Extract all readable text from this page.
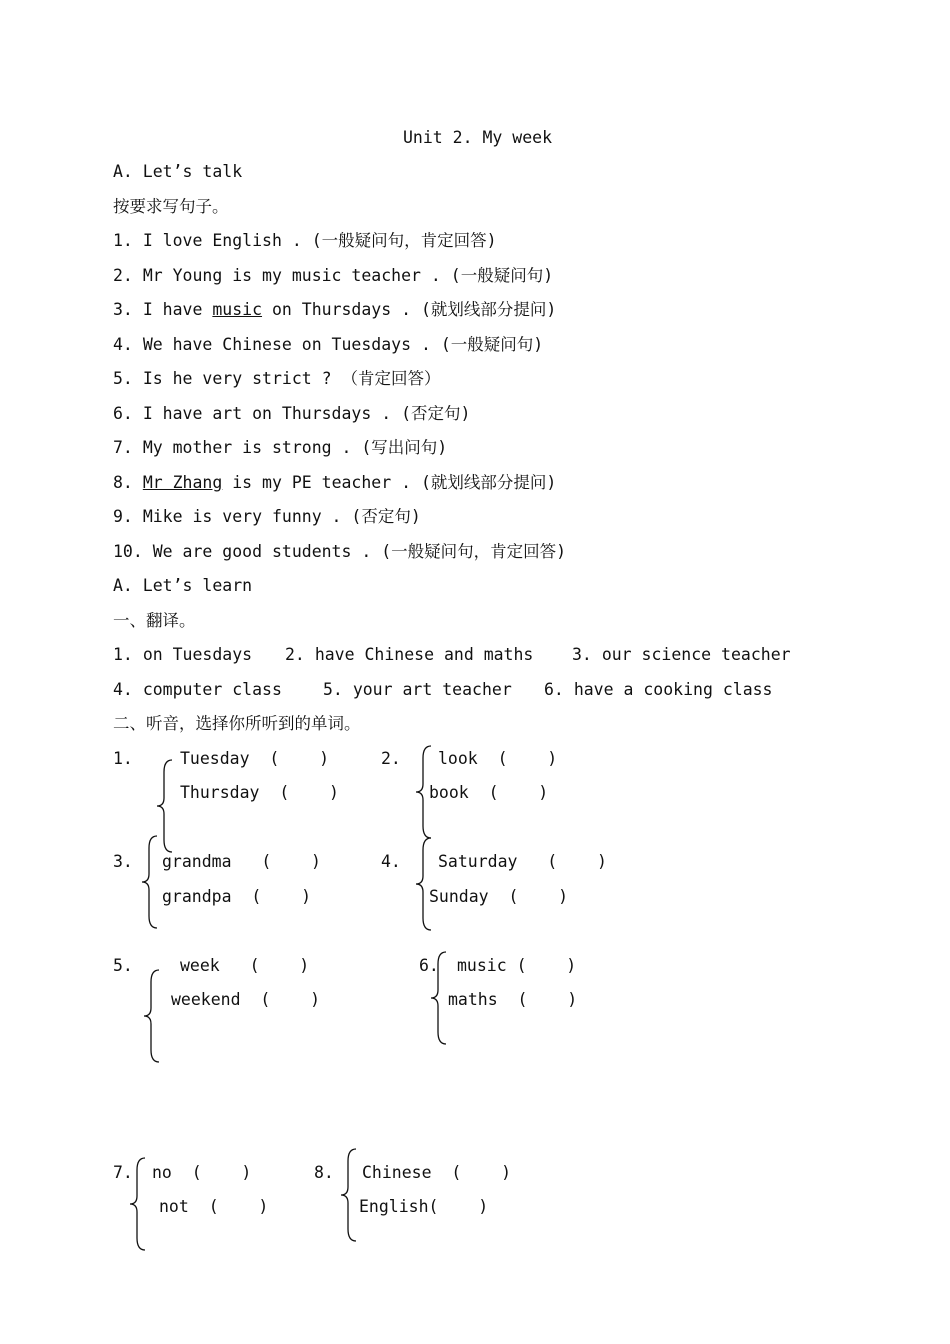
Unit 2. My week
A. Let’s talk
按要求写句子。
1. I love English . (一般疑问句，肯定回答)
2. Mr Young is my music teacher . (一般疑问句)
3. I have music on Thursdays . (就划线部分提问)
4. We have Chinese on Tuesdays . (一般疑问句)
5. Is he very strict ? （肯定回答）
6. I have art on Thursdays . (否定句)
7. My mother is strong . (写出问句)
8. Mr Zhang is my PE teacher . (就划线部分提问)
9. Mike is very funny . (否定句)
10. We are good students . (一般疑问句，肯定回答)
A. Let’s learn
一、翻译。
1. on Tuesdays 2. have Chinese and maths 3. our science teacher
4. computer class 5. your art teacher 6. have a cooking class
二、听音，选择你所听到的单词。
1.	Tuesday (    )
Thursday (    )
2. look (    )
book (    )
3. grandma (    )
grandpa (    )
4. Saturday (    )
Sunday (    )
5.	week (    )
weekend (    )
6. music (    )
maths (    )
7. no (    )
not (    )
8. Chinese (    )
English(    )
